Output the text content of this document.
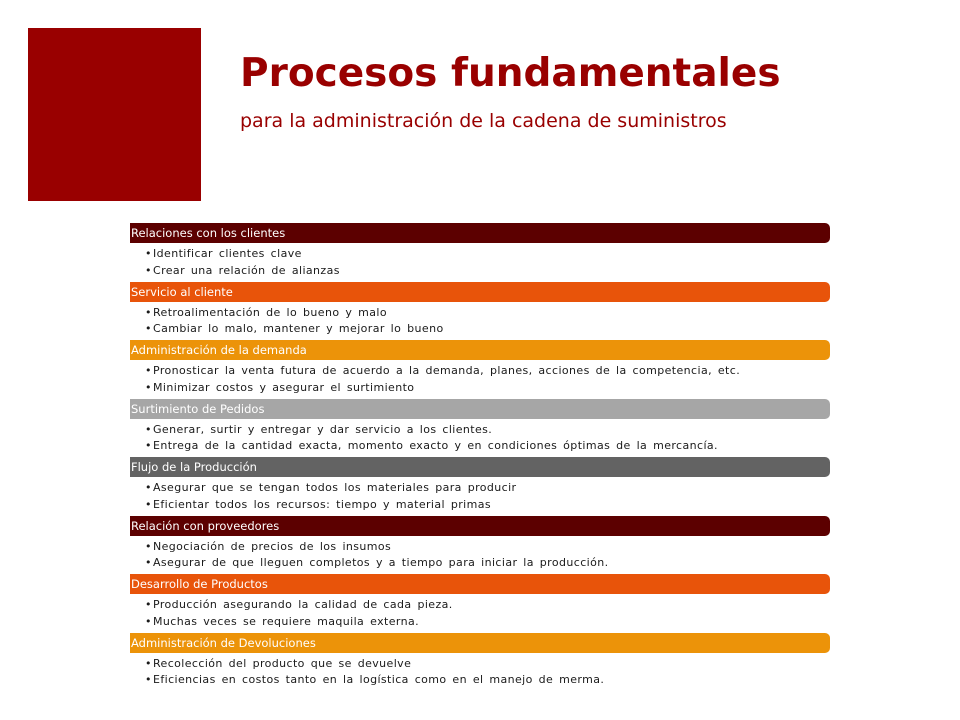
Procesos fundamentales

para la administración de la cadena de suministros

Relaciones con los clientes
• Identificar clientes clave
• Crear una relación de alianzas
Servicio al cliente
• Retroalimentación de lo bueno y malo
• Cambiar lo malo, mantener y mejorar lo bueno
Administración de la demanda
• Pronosticar la venta futura de acuerdo a la demanda, planes, acciones de la competencia, etc.
• Minimizar costos y asegurar el surtimiento
Surtimiento de Pedidos
• Generar, surtir y entregar y dar servicio a los clientes.
• Entrega de la cantidad exacta, momento exacto y en condiciones óptimas de la mercancía.
Flujo de la Producción
• Asegurar que se tengan todos los materiales para producir
• Eficientar todos los recursos: tiempo y material primas
Relación con proveedores
• Negociación de precios de los insumos
• Asegurar de que lleguen completos y a tiempo para iniciar la producción.
Desarrollo de Productos
• Producción asegurando la calidad de cada pieza.
• Muchas veces se requiere maquila externa.
Administración de Devoluciones
• Recolección del producto que se devuelve
• Eficiencias en costos tanto en la logística como en el manejo de merma.
